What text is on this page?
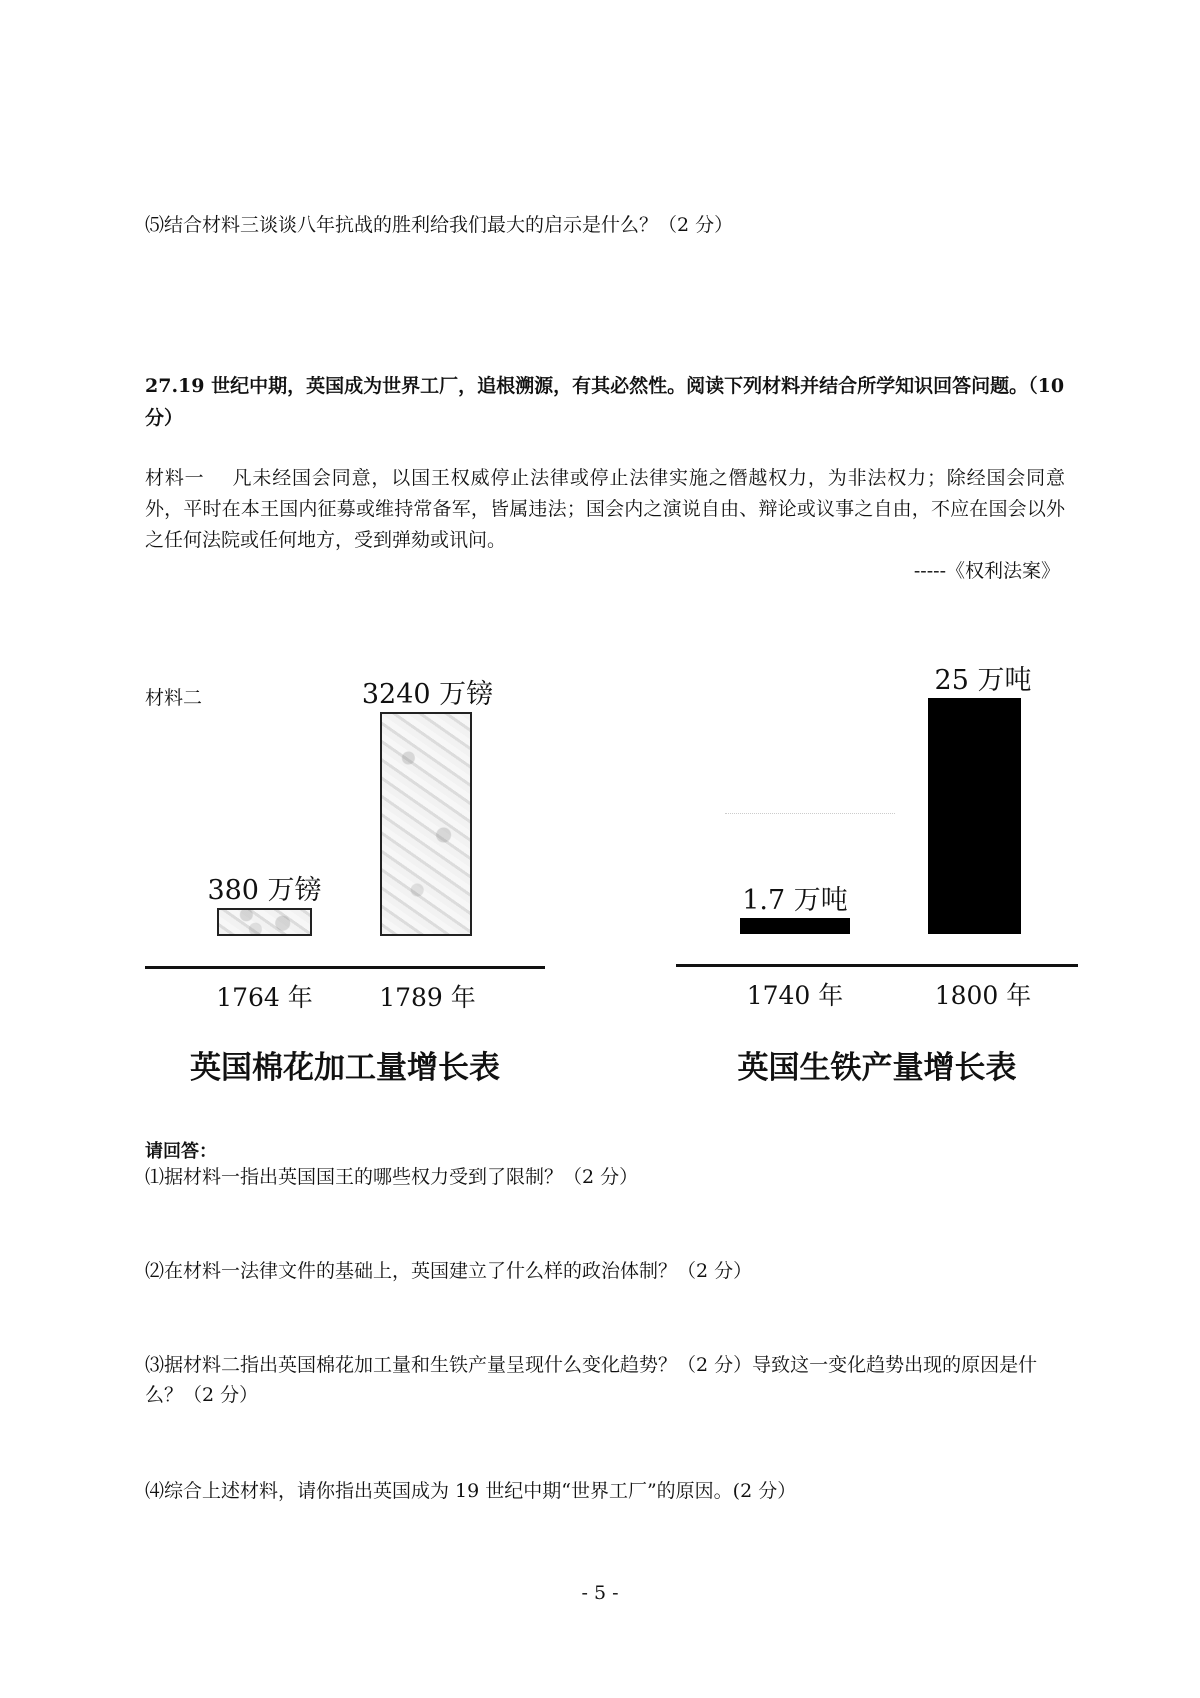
⑸结合材料三谈谈八年抗战的胜利给我们最大的启示是什么？（2 分）
27.19 世纪中期，英国成为世界工厂，追根溯源，有其必然性。阅读下列材料并结合所学知识回答问题。（10 分）
材料一 凡未经国会同意，以国王权威停止法律或停止法律实施之僭越权力，为非法权力；除经国会同意外，平时在本王国内征募或维持常备军，皆属违法；国会内之演说自由、辩论或议事之自由，不应在国会以外之任何法院或任何地方，受到弹劾或讯问。
-----《权利法案》
材料二
380 万镑
3240 万镑
1764 年	1789 年
英国棉花加工量增长表
1.7 万吨
25 万吨
1740 年	1800 年
英国生铁产量增长表
请回答：
⑴据材料一指出英国国王的哪些权力受到了限制？（2 分）
⑵在材料一法律文件的基础上，英国建立了什么样的政治体制？（2 分）
⑶据材料二指出英国棉花加工量和生铁产量呈现什么变化趋势？（2 分）导致这一变化趋势出现的原因是什么？（2 分）
⑷综合上述材料，请你指出英国成为 19 世纪中期“世界工厂”的原因。(2 分）
- 5 -
